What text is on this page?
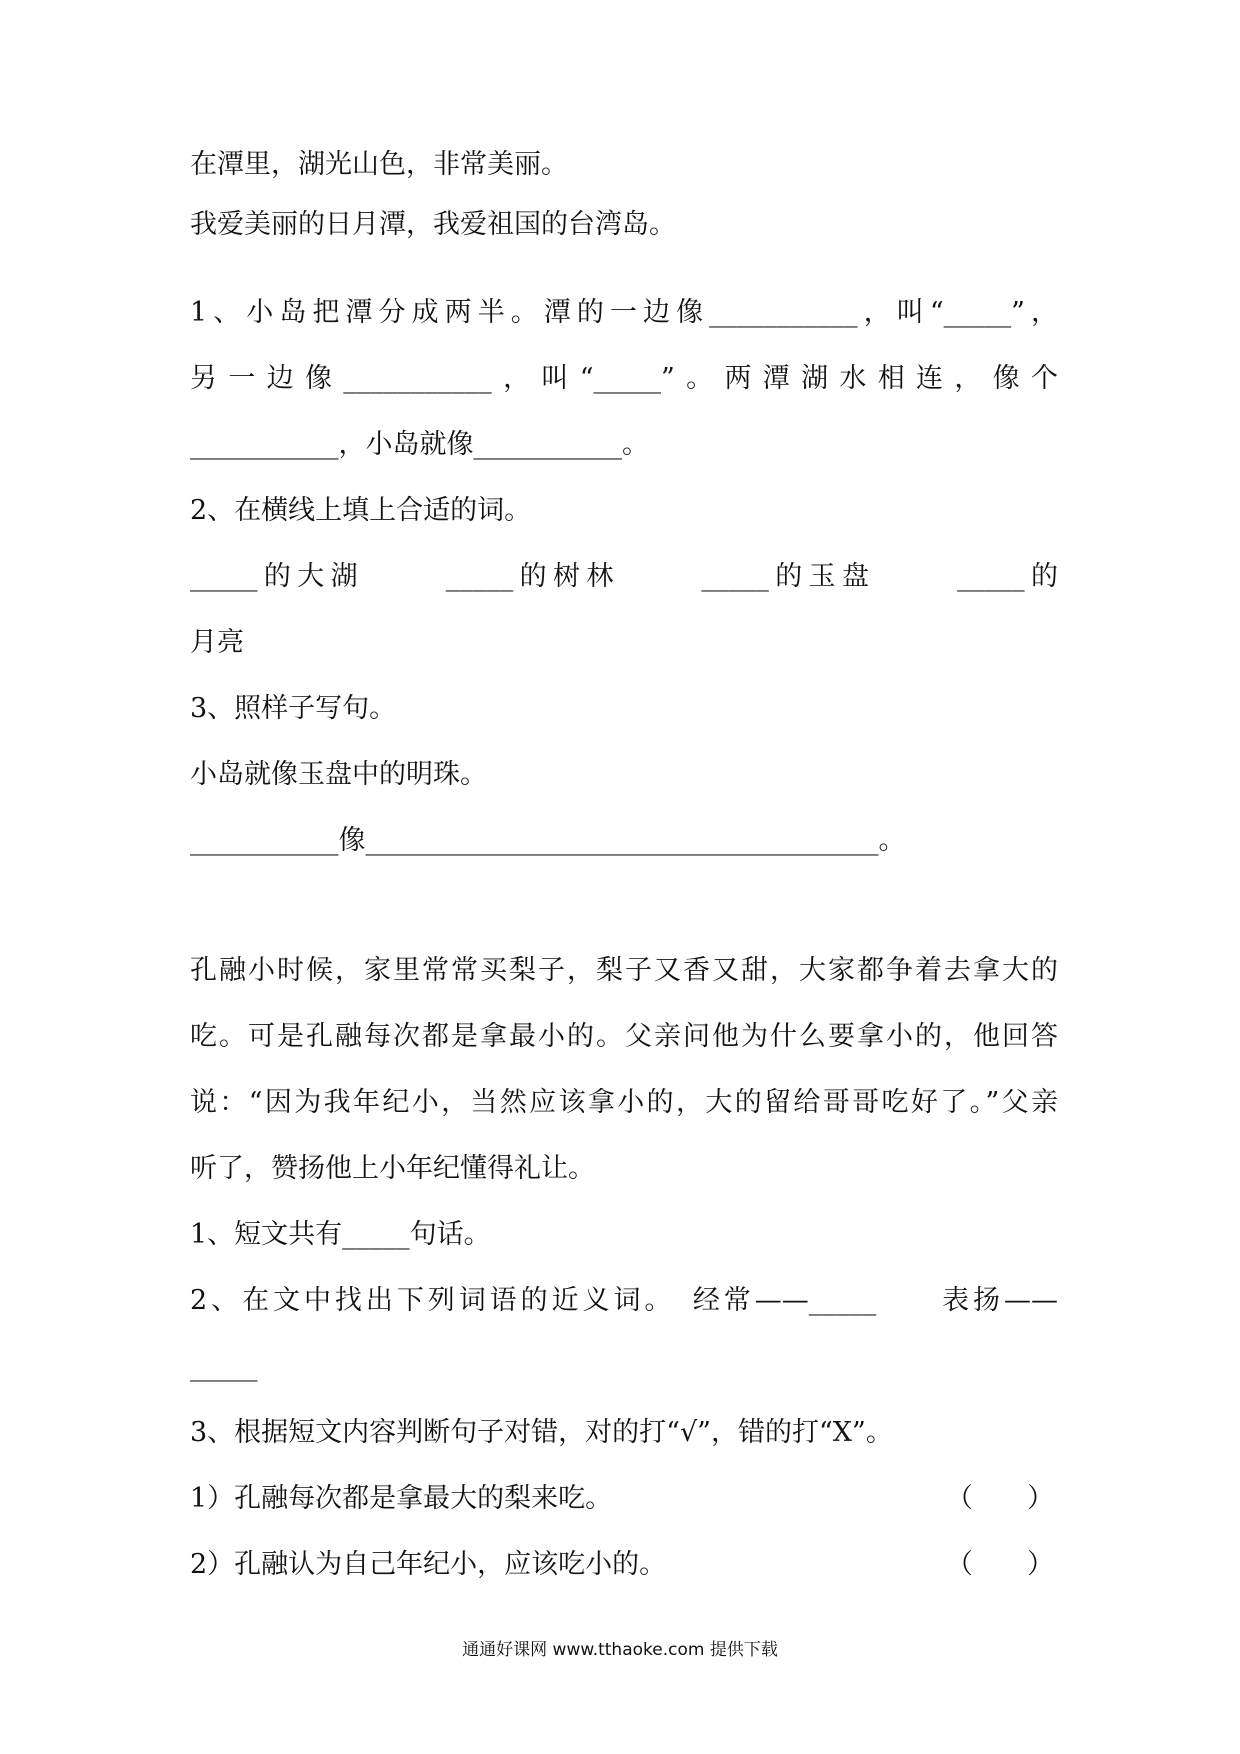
在潭里，湖光山色，非常美丽。
我爱美丽的日月潭，我爱祖国的台湾岛。
1、小岛把潭分成两半。潭的一边像___________，叫“_____”，
另一边像___________，叫“_____”。两潭湖水相连，像个
___________，小岛就像___________。
2、在横线上填上合适的词。
_____的大湖　　 _____的树林　　 _____的玉盘　　 _____的
月亮
3、照样子写句。
小岛就像玉盘中的明珠。
___________像______________________________________。
孔融小时候，家里常常买梨子，梨子又香又甜，大家都争着去拿大的
吃。可是孔融每次都是拿最小的。父亲问他为什么要拿小的，他回答
说：“因为我年纪小，当然应该拿小的，大的留给哥哥吃好了。”父亲
听了，赞扬他上小年纪懂得礼让。
1、短文共有_____句话。
2、在文中找出下列词语的近义词。　经常——_____　　表扬——
_____
3、根据短文内容判断句子对错，对的打“√”，错的打“X”。
1）孔融每次都是拿最大的梨来吃。	（　　）
2）孔融认为自己年纪小，应该吃小的。	（　　）
通通好课网 www.tthaoke.com 提供下载
